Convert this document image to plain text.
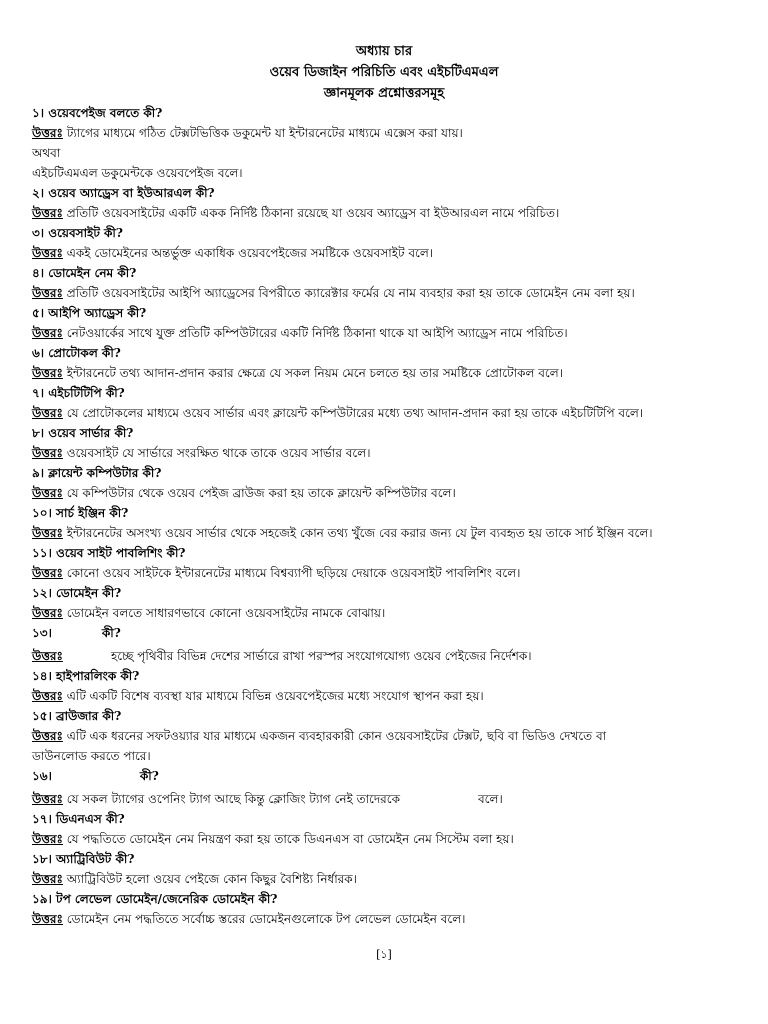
অধ্যায় চার
ওয়েব ডিজাইন পরিচিতি এবং এইচটিএমএল
জ্ঞানমূলক প্রশ্নোত্তরসমূহ
১। ওয়েবপেইজ বলতে কী?
উত্তরঃ ট্যাগের মাধ্যমে গঠিত টেক্সটভিত্তিক ডকুমেন্ট যা ইন্টারনেটের মাধ্যমে এক্সেস করা যায়।
অথবা
এইচটিএমএল ডকুমেন্টকে ওয়েবপেইজ বলে।
২। ওয়েব অ্যাড্রেস বা ইউআরএল কী?
উত্তরঃ প্রতিটি ওয়েবসাইটের একটি একক নির্দিষ্ট ঠিকানা রয়েছে যা ওয়েব অ্যাড্রেস বা ইউআরএল নামে পরিচিত।
৩। ওয়েবসাইট কী?
উত্তরঃ একই ডোমেইনের অন্তর্ভুক্ত একাধিক ওয়েবপেইজের সমষ্টিকে ওয়েবসাইট বলে।
৪। ডোমেইন নেম কী?
উত্তরঃ প্রতিটি ওয়েবসাইটের আইপি অ্যাড্রেসের বিপরীতে ক্যারেক্টার ফর্মের যে নাম ব্যবহার করা হয় তাকে ডোমেইন নেম বলা হয়।
৫। আইপি অ্যাড্রেস কী?
উত্তরঃ নেটওয়ার্কের সাথে যুক্ত প্রতিটি কম্পিউটারের একটি নির্দিষ্ট ঠিকানা থাকে যা আইপি অ্যাড্রেস নামে পরিচিত।
৬। প্রোটোকল কী?
উত্তরঃ ইন্টারনেটে তথ্য আদান-প্রদান করার ক্ষেত্রে যে সকল নিয়ম মেনে চলতে হয় তার সমষ্টিকে প্রোটোকল বলে।
৭। এইচটিটিপি কী?
উত্তরঃ যে প্রোটোকলের মাধ্যমে ওয়েব সার্ভার এবং ক্লায়েন্ট কম্পিউটারের মধ্যে তথ্য আদান-প্রদান করা হয় তাকে এইচটিটিপি বলে।
৮। ওয়েব সার্ভার কী?
উত্তরঃ ওয়েবসাইট যে সার্ভারে সংরক্ষিত থাকে তাকে ওয়েব সার্ভার বলে।
৯। ক্লায়েন্ট কম্পিউটার কী?
উত্তরঃ যে কম্পিউটার থেকে ওয়েব পেইজ ব্রাউজ করা হয় তাকে ক্লায়েন্ট কম্পিউটার বলে।
১০। সার্চ ইঞ্জিন কী?
উত্তরঃ ইন্টারনেটের অসংখ্য ওয়েব সার্ভার থেকে সহজেই কোন তথ্য খুঁজে বের করার জন্য যে টুল ব্যবহৃত হয় তাকে সার্চ ইঞ্জিন বলে।
১১। ওয়েব সাইট পাবলিশিং কী?
উত্তরঃ কোনো ওয়েব সাইটকে ইন্টারনেটের মাধ্যমে বিশ্বব্যাপী ছড়িয়ে দেয়াকে ওয়েবসাইট পাবলিশিং বলে।
১২। ডোমেইন কী?
উত্তরঃ ডোমেইন বলতে সাধারণভাবে কোনো ওয়েবসাইটের নামকে বোঝায়।
১৩।	কী?
উত্তরঃ	হচ্ছে পৃথিবীর বিভিন্ন দেশের সার্ভারে রাখা পরস্পর সংযোগযোগ্য ওয়েব পেইজের নির্দেশক।
১৪। হাইপারলিংক কী?
উত্তরঃ এটি একটি বিশেষ ব্যবস্থা যার মাধ্যমে বিভিন্ন ওয়েবপেইজের মধ্যে সংযোগ স্থাপন করা হয়।
১৫। ব্রাউজার কী?
উত্তরঃ এটি এক ধরনের সফটওয়্যার যার মাধ্যমে একজন ব্যবহারকারী কোন ওয়েবসাইটের টেক্সট, ছবি বা ভিডিও দেখতে বা
ডাউনলোড করতে পারে।
১৬।	কী?
উত্তরঃ যে সকল ট্যাগের ওপেনিং ট্যাগ আছে কিন্তু ক্লোজিং ট্যাগ নেই তাদেরকে	বলে।
১৭। ডিএনএস কী?
উত্তরঃ যে পদ্ধতিতে ডোমেইন নেম নিয়ন্ত্রণ করা হয় তাকে ডিএনএস বা ডোমেইন নেম সিস্টেম বলা হয়।
১৮। অ্যাট্রিবিউট কী?
উত্তরঃ অ্যাট্রিবিউট হলো ওয়েব পেইজে কোন কিছুর বৈশিষ্ট্য নির্ধারক।
১৯। টপ লেভেল ডোমেইন/জেনেরিক ডোমেইন কী?
উত্তরঃ ডোমেইন নেম পদ্ধতিতে সর্বোচ্চ স্তরের ডোমেইনগুলোকে টপ লেভেল ডোমেইন বলে।
[১]
